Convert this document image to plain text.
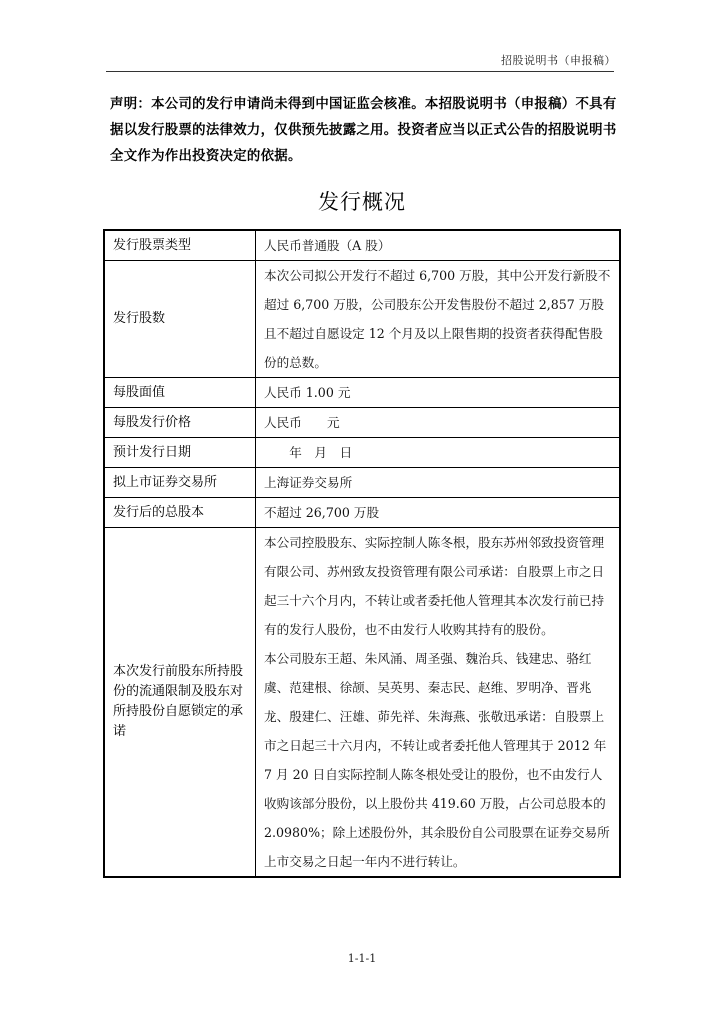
招股说明书（申报稿）
声明：本公司的发行申请尚未得到中国证监会核准。本招股说明书（申报稿）不具有据以发行股票的法律效力，仅供预先披露之用。投资者应当以正式公告的招股说明书全文作为作出投资决定的依据。
发行概况
发行股票类型	人民币普通股（A 股）
发行股数	本次公司拟公开发行不超过 6,700 万股，其中公开发行新股不超过 6,700 万股，公司股东公开发售股份不超过 2,857 万股且不超过自愿设定 12 个月及以上限售期的投资者获得配售股份的总数。
每股面值	人民币 1.00 元
每股发行价格	人民币　　元
预计发行日期	　　年　月　日
拟上市证券交易所	上海证券交易所
发行后的总股本	不超过 26,700 万股
本次发行前股东所持股份的流通限制及股东对所持股份自愿锁定的承诺	本公司控股股东、实际控制人陈冬根，股东苏州邻致投资管理有限公司、苏州致友投资管理有限公司承诺：自股票上市之日起三十六个月内，不转让或者委托他人管理其本次发行前已持有的发行人股份，也不由发行人收购其持有的股份。

本公司股东王超、朱风涌、周圣强、魏治兵、钱建忠、骆红虞、范建根、徐颉、吴英男、秦志民、赵维、罗明净、晋兆龙、殷建仁、汪雄、茆先祥、朱海燕、张敬迅承诺：自股票上市之日起三十六月内，不转让或者委托他人管理其于 2012 年 7 月 20 日自实际控制人陈冬根处受让的股份，也不由发行人收购该部分股份，以上股份共 419.60 万股，占公司总股本的 2.0980%；除上述股份外，其余股份自公司股票在证券交易所上市交易之日起一年内不进行转让。

1-1-1
